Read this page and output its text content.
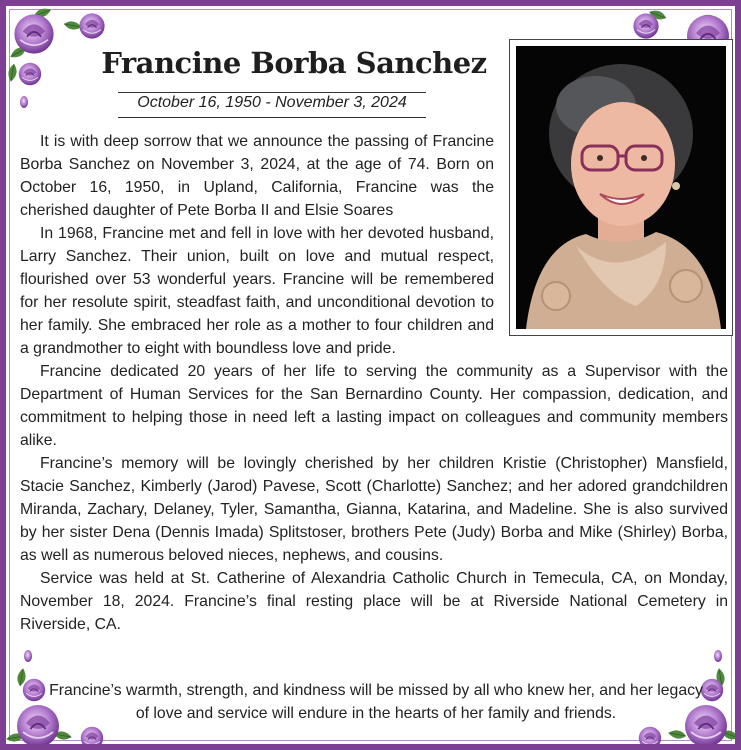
Francine Borba Sanchez
October 16, 1950 - November 3, 2024

It is with deep sorrow that we announce the passing of Francine Borba Sanchez on November 3, 2024, at the age of 74. Born on October 16, 1950, in Upland, California, Francine was the cherished daughter of Pete Borba II and Elsie Soares

In 1968, Francine met and fell in love with her devoted husband, Larry Sanchez. Their union, built on love and mutual respect, flourished over 53 wonderful years. Francine will be remembered for her resolute spirit, steadfast faith, and unconditional devotion to her family. She embraced her role as a mother to four children and a grandmother to eight with boundless love and pride.

Francine dedicated 20 years of her life to serving the community as a Supervisor with the Department of Human Services for the San Bernardino County. Her compassion, dedication, and commitment to helping those in need left a lasting impact on colleagues and community members alike.

Francine’s memory will be lovingly cherished by her children Kristie (Christopher) Mansfield, Stacie Sanchez, Kimberly (Jarod) Pavese, Scott (Charlotte) Sanchez; and her adored grandchildren Miranda, Zachary, Delaney, Tyler, Samantha, Gianna, Katarina, and Madeline. She is also survived by her sister Dena (Dennis Imada) Splitstoser, brothers Pete (Judy) Borba and Mike (Shirley) Borba, as well as numerous beloved nieces, nephews, and cousins.

Service was held at St. Catherine of Alexandria Catholic Church in Temecula, CA, on Monday, November 18, 2024. Francine’s final resting place will be at Riverside National Cemetery in Riverside, CA.

Francine’s warmth, strength, and kindness will be missed by all who knew her, and her legacy of love and service will endure in the hearts of her family and friends.
